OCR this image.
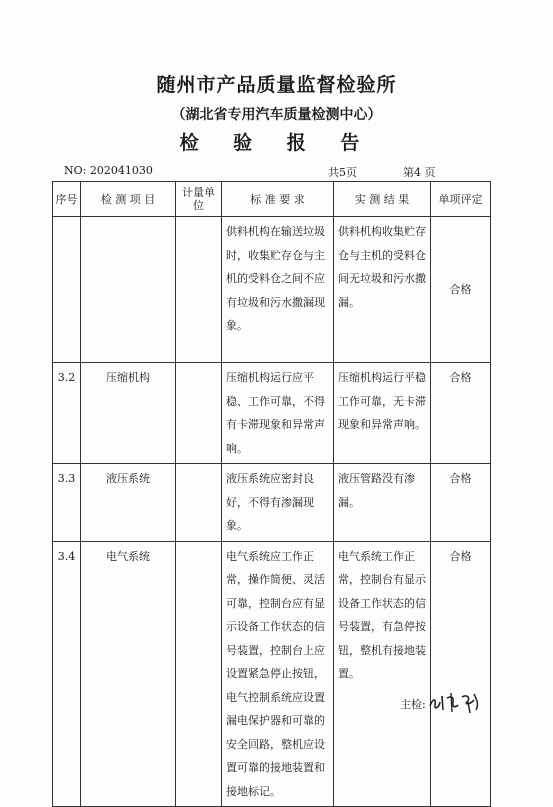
随州市产品质量监督检验所
（湖北省专用汽车质量检测中心）
检 验 报 告
NO: 202041030	共5页	第4 页
序号	检 测 项 目	计量单位	标 准 要 求	实 测 结 果	单项评定
			供料机构在输送垃圾时，收集贮存仓与主机的受料仓之间不应有垃圾和污水撒漏现象。	供料机构收集贮存仓与主机的受料仓间无垃圾和污水撒漏。	合格
3.2	压缩机构		压缩机构运行应平稳、工作可靠，不得有卡滞现象和异常声响。	压缩机构运行平稳工作可靠，无卡滞现象和异常声响。	合格
3.3	液压系统		液压系统应密封良好，不得有渗漏现象。	液压管路没有渗漏。	合格
3.4	电气系统		电气系统应工作正常，操作简便、灵活可靠，控制台应有显示设备工作状态的信号装置，控制台上应设置紧急停止按钮，电气控制系统应设置漏电保护器和可靠的安全回路，整机应设置可靠的接地装置和接地标记。	电气系统工作正常，控制台有显示设备工作状态的信号装置，有急停按钮，整机有接地装置。	合格
主检:
